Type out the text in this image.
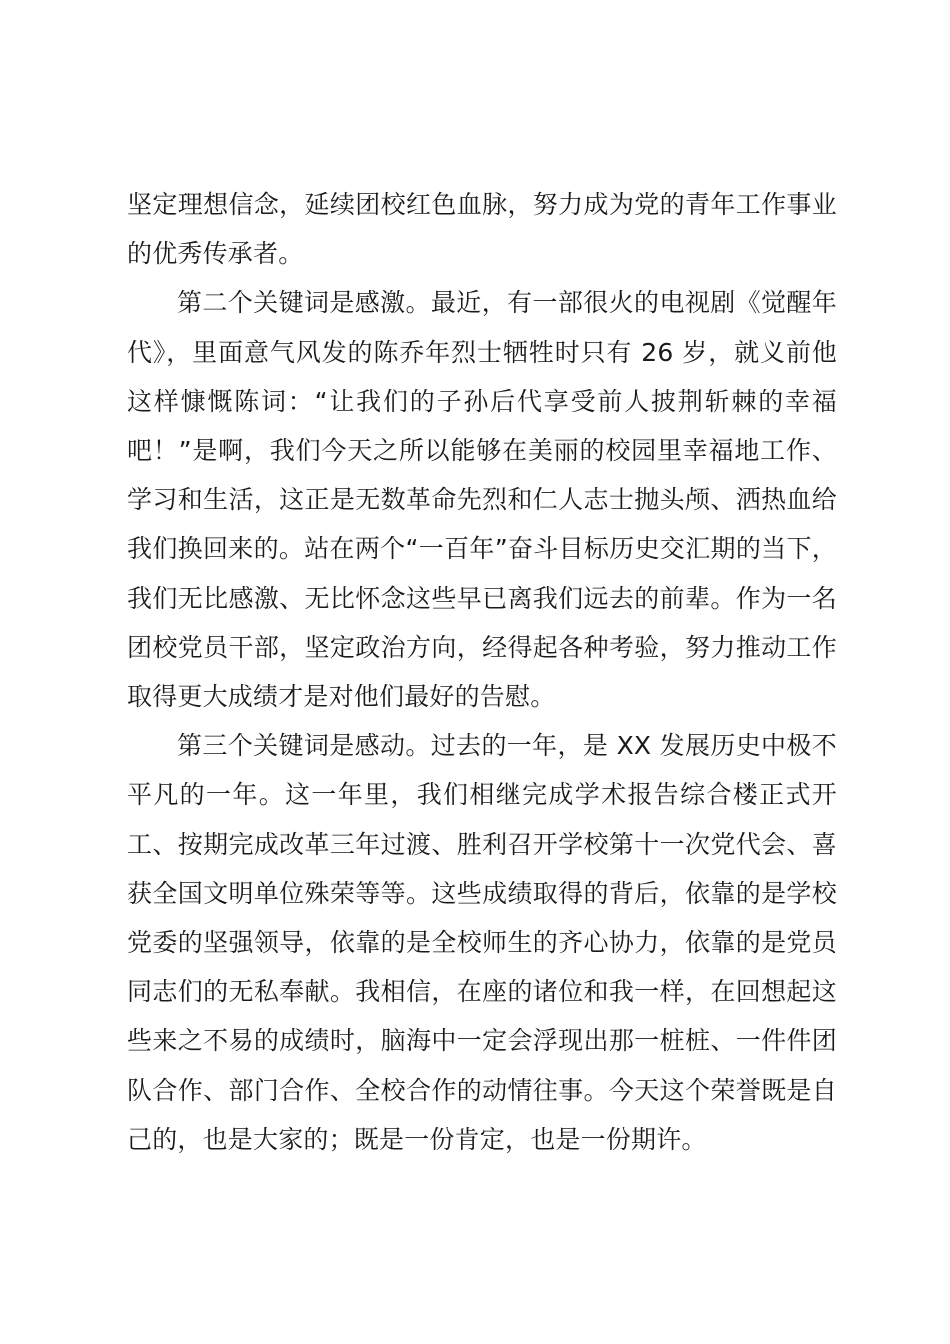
坚定理想信念，延续团校红色血脉，努力成为党的青年工作事业的优秀传承者。

第二个关键词是感激。最近，有一部很火的电视剧《觉醒年代》，里面意气风发的陈乔年烈士牺牲时只有 26 岁，就义前他这样慷慨陈词：“让我们的子孙后代享受前人披荆斩棘的幸福吧！”是啊，我们今天之所以能够在美丽的校园里幸福地工作、学习和生活，这正是无数革命先烈和仁人志士抛头颅、洒热血给我们换回来的。站在两个“一百年”奋斗目标历史交汇期的当下，我们无比感激、无比怀念这些早已离我们远去的前辈。作为一名团校党员干部，坚定政治方向，经得起各种考验，努力推动工作取得更大成绩才是对他们最好的告慰。

第三个关键词是感动。过去的一年，是 XX 发展历史中极不平凡的一年。这一年里，我们相继完成学术报告综合楼正式开工、按期完成改革三年过渡、胜利召开学校第十一次党代会、喜获全国文明单位殊荣等等。这些成绩取得的背后，依靠的是学校党委的坚强领导，依靠的是全校师生的齐心协力，依靠的是党员同志们的无私奉献。我相信，在座的诸位和我一样，在回想起这些来之不易的成绩时，脑海中一定会浮现出那一桩桩、一件件团队合作、部门合作、全校合作的动情往事。今天这个荣誉既是自己的，也是大家的；既是一份肯定，也是一份期许。
